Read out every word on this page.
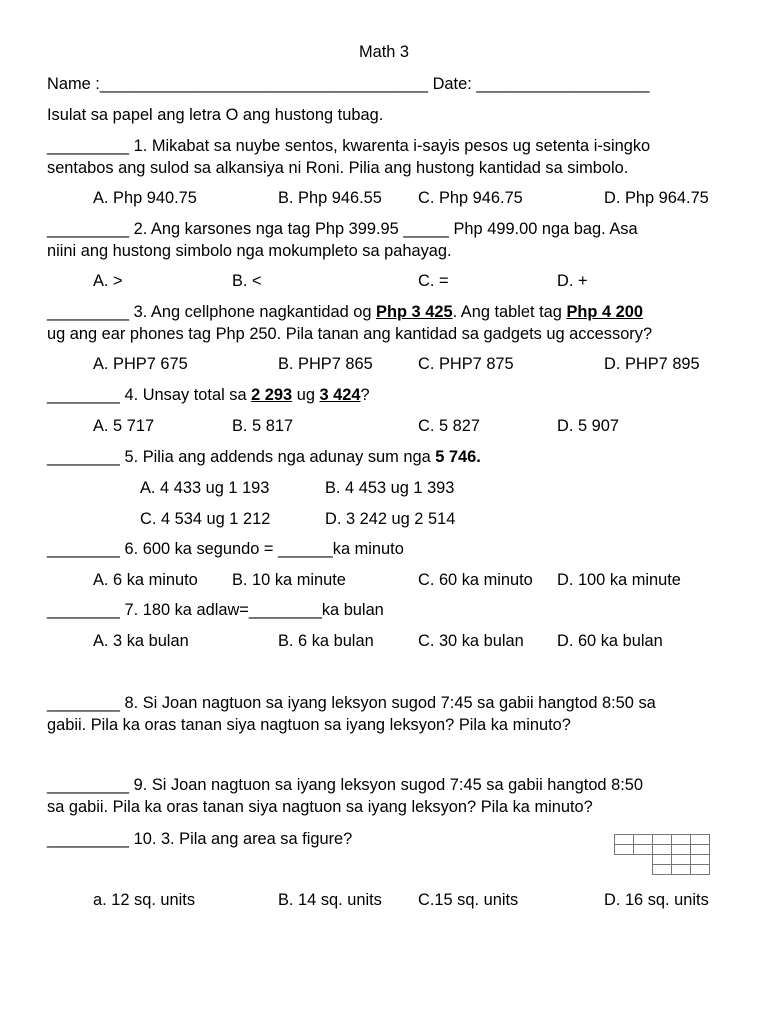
Math 3
Name :____________________________________ Date: ___________________
Isulat sa papel ang letra O ang hustong tubag.
_________ 1. Mikabat sa nuybe sentos, kwarenta i-sayis pesos ug setenta i-singko
sentabos ang sulod sa alkansiya ni Roni. Pilia ang hustong kantidad sa simbolo.
A. Php 940.75	B. Php 946.55 C. Php 946.75	D. Php 964.75
_________ 2. Ang karsones nga tag Php 399.95 _____ Php 499.00 nga bag. Asa
niini ang hustong simbolo nga mokumpleto sa pahayag.
A. >	B. <	C. =	D. +
_________ 3. Ang cellphone nagkantidad og Php 3 425. Ang tablet tag Php 4 200
ug ang ear phones tag Php 250. Pila tanan ang kantidad sa gadgets ug accessory?
A. PHP7 675	B. PHP7 865	C. PHP7 875	D. PHP7 895
________ 4. Unsay total sa 2 293 ug 3 424?
A. 5 717	B. 5 817	C. 5 827	D. 5 907
________ 5. Pilia ang addends nga adunay sum nga 5 746.
A. 4 433 ug 1 193	B. 4 453 ug 1 393
C. 4 534 ug 1 212	D. 3 242 ug 2 514
________ 6. 600 ka segundo = ______ka minuto
A. 6 ka minuto B. 10 ka minute	C. 60 ka minuto D. 100 ka minute
________ 7. 180 ka adlaw=________ka bulan
A. 3 ka bulan	B. 6 ka bulan	C. 30 ka bulan D. 60 ka bulan
________ 8. Si Joan nagtuon sa iyang leksyon sugod 7:45 sa gabii hangtod 8:50 sa
gabii. Pila ka oras tanan siya nagtuon sa iyang leksyon? Pila ka minuto?
_________ 9. Si Joan nagtuon sa iyang leksyon sugod 7:45 sa gabii hangtod 8:50
sa gabii. Pila ka oras tanan siya nagtuon sa iyang leksyon? Pila ka minuto?
_________ 10. 3. Pila ang area sa figure?
a. 12 sq. units	B. 14 sq. units C.15 sq. units	D. 16 sq. units
